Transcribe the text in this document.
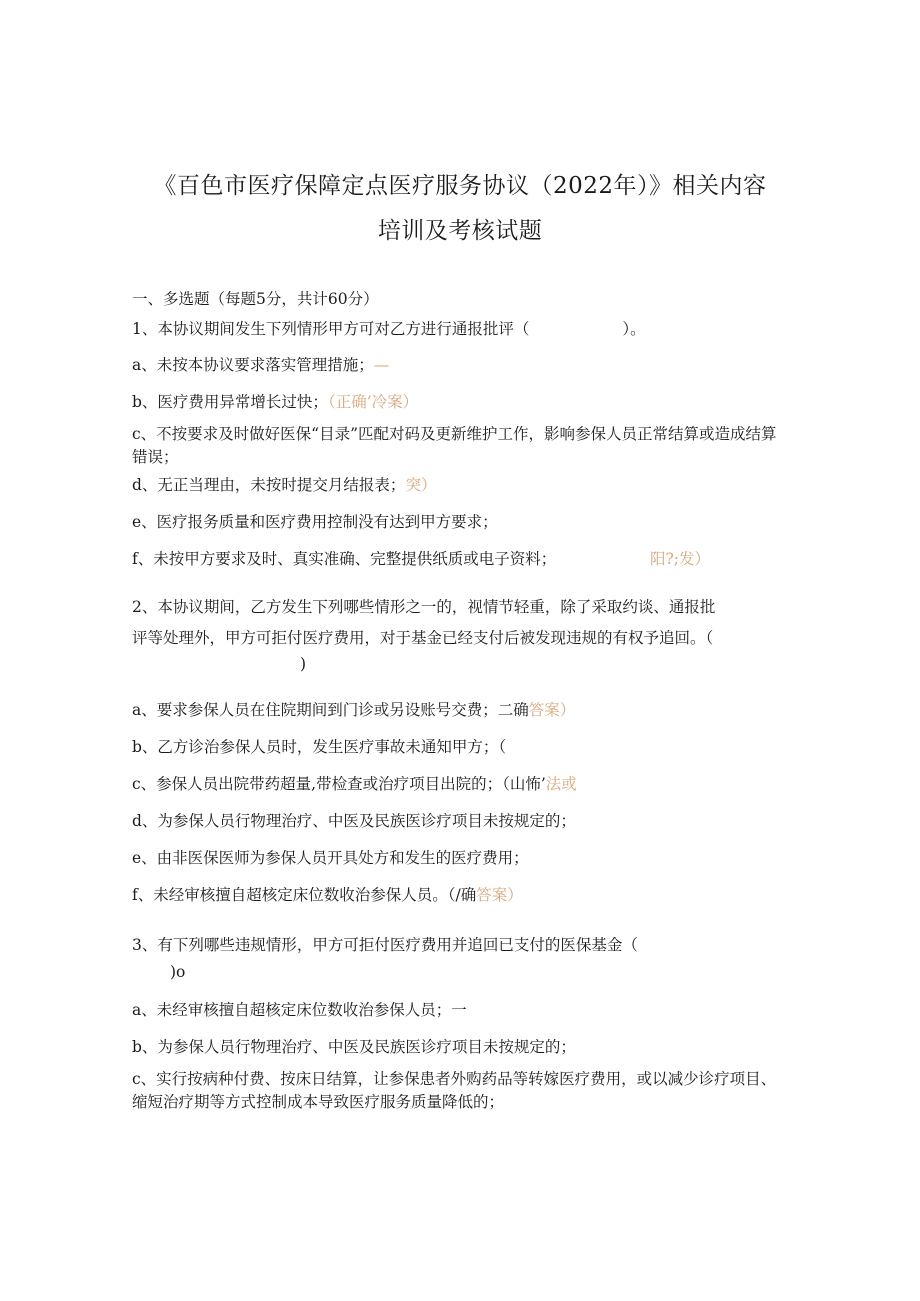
《百色市医疗保障定点医疗服务协议（2022年）》相关内容
培训及考核试题
一、多选题（每题5分，共计60分）
1、本协议期间发生下列情形甲方可对乙方进行通报批评（　　　　　　）。
a、未按本协议要求落实管理措施；—
b、医疗费用异常增长过快；（正确’冷案）
c、不按要求及时做好医保“目录”匹配对码及更新维护工作，影响参保人员正常结算或造成结算错误；
d、无正当理由，未按时提交月结报表；突）
e、医疗报务质量和医疗费用控制没有达到甲方要求；
f、未按甲方要求及时、真实准确、完整提供纸质或电子资料；	阳?;发）
2、本协议期间，乙方发生下列哪些情形之一的，视情节轻重，除了采取约谈、通报批
评等处理外，甲方可拒付医疗费用，对于基金已经支付后被发现违规的有权予追回。（
)
a、要求参保人员在住院期间到门诊或另设账号交费；二确答案）
b、乙方诊治参保人员时，发生医疗事故未通知甲方；（
c、参保人员出院带药超量,带检查或治疗项目出院的；（山怖’法或
d、为参保人员行物理治疗、中医及民族医诊疗项目未按规定的；
e、由非医保医师为参保人员开具处方和发生的医疗费用；
f、未经审核擅自超核定床位数收治参保人员。（/确答案）
3、有下列哪些违规情形，甲方可拒付医疗费用并追回已支付的医保基金（
)o
a、未经审核擅自超核定床位数收治参保人员；一
b、为参保人员行物理治疗、中医及民族医诊疗项目未按规定的；
c、实行按病种付费、按床日结算，让参保患者外购药品等转嫁医疗费用，或以减少诊疗项目、缩短治疗期等方式控制成本导致医疗服务质量降低的；
